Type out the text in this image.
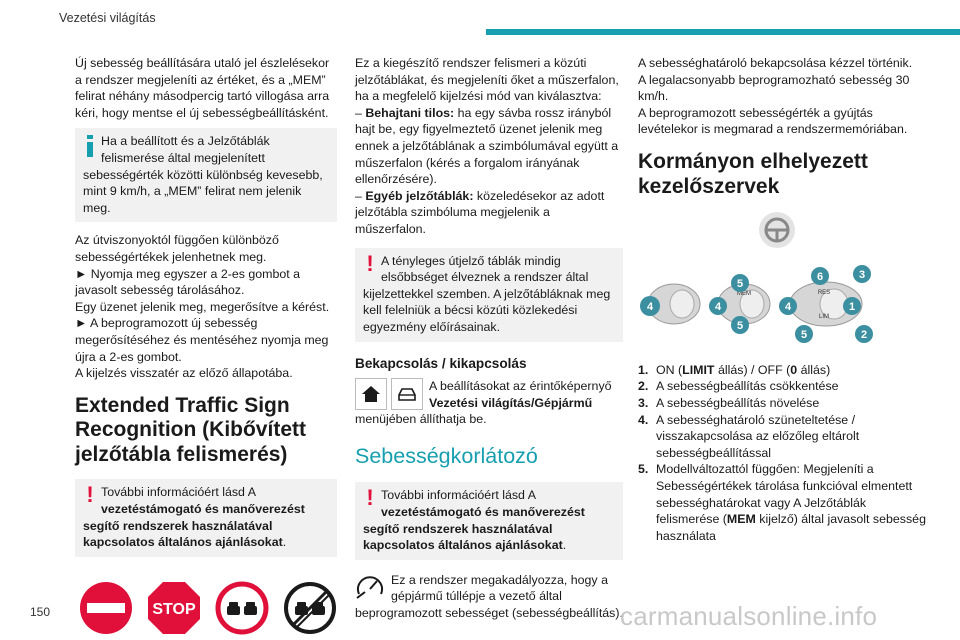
Vezetési világítás

Új sebesség beállítására utaló jel észlelésekor a rendszer megjeleníti az értéket, és a „MEM” felirat néhány másodpercig tartó villogása arra kéri, hogy mentse el új sebességbeállításként.

Ha a beállított és a Jelzőtáblák felismerése által megjelenített sebességérték közötti különbség kevesebb, mint 9 km/h, a „MEM” felirat nem jelenik meg.

Az útviszonyoktól függően különböző sebességértékek jelenhetnek meg.

► Nyomja meg egyszer a 2-es gombot a javasolt sebesség tárolásához.

Egy üzenet jelenik meg, megerősítve a kérést.

► A beprogramozott új sebesség megerősítéséhez és mentéséhez nyomja meg újra a 2-es gombot.

A kijelzés visszatér az előző állapotába.

Extended Traffic Sign Recognition (Kibővített jelzőtábla felismerés)
! További információért lásd A vezetéstámogató és manőverezést segítő rendszerek használatával kapcsolatos általános ajánlásokat.
STOP

Ez a kiegészítő rendszer felismeri a közúti jelzőtáblákat, és megjeleníti őket a műszerfalon, ha a megfelelő kijelzési mód van kiválasztva:

– Behajtani tilos: ha egy sávba rossz irányból hajt be, egy figyelmeztető üzenet jelenik meg ennek a jelzőtáblának a szimbólumával együtt a műszerfalon (kérés a forgalom irányának ellenőrzésére).

– Egyéb jelzőtáblák: közeledésekor az adott jelzőtábla szimbóluma megjelenik a műszerfalon.

! A tényleges útjelző táblák mindig elsőbbséget élveznek a rendszer által kijelzettekkel szemben. A jelzőtábláknak meg kell felelniük a bécsi közúti közlekedési egyezmény előírásainak.
Bekapcsolás / kikapcsolás
A beállításokat az érintőképernyő Vezetési világítás/Gépjármű menüjében állíthatja be.
Sebességkorlátozó
! További információért lásd A vezetéstámogató és manőverezést segítő rendszerek használatával kapcsolatos általános ajánlásokat.
Ez a rendszer megakadályozza, hogy a gépjármű túllépje a vezető által beprogramozott sebességet (sebességbeállítás).

A sebességhatároló bekapcsolása kézzel történik.

A legalacsonyabb beprogramozható sebesség 30 km/h.

A beprogramozott sebességérték a gyújtás levételekor is megmarad a rendszermemóriában.

Kormányon elhelyezett kezelőszervek
4
MEM
5
5
4
RES
LIM
6	3
4
5
1
2
1. ON (LIMIT állás) / OFF (0 állás)
2. A sebességbeállítás csökkentése
3. A sebességbeállítás növelése
4. A sebességhatároló szüneteltetése / visszakapcsolása az előzőleg eltárolt sebességbeállítással
5. Modellváltozattól függően: Megjeleníti a Sebességértékek tárolása funkcióval elmentett sebességhatárokat vagy A Jelzőtáblák felismerése (MEM kijelző) által javasolt sebesség használata
150	carmanualsonline.info
